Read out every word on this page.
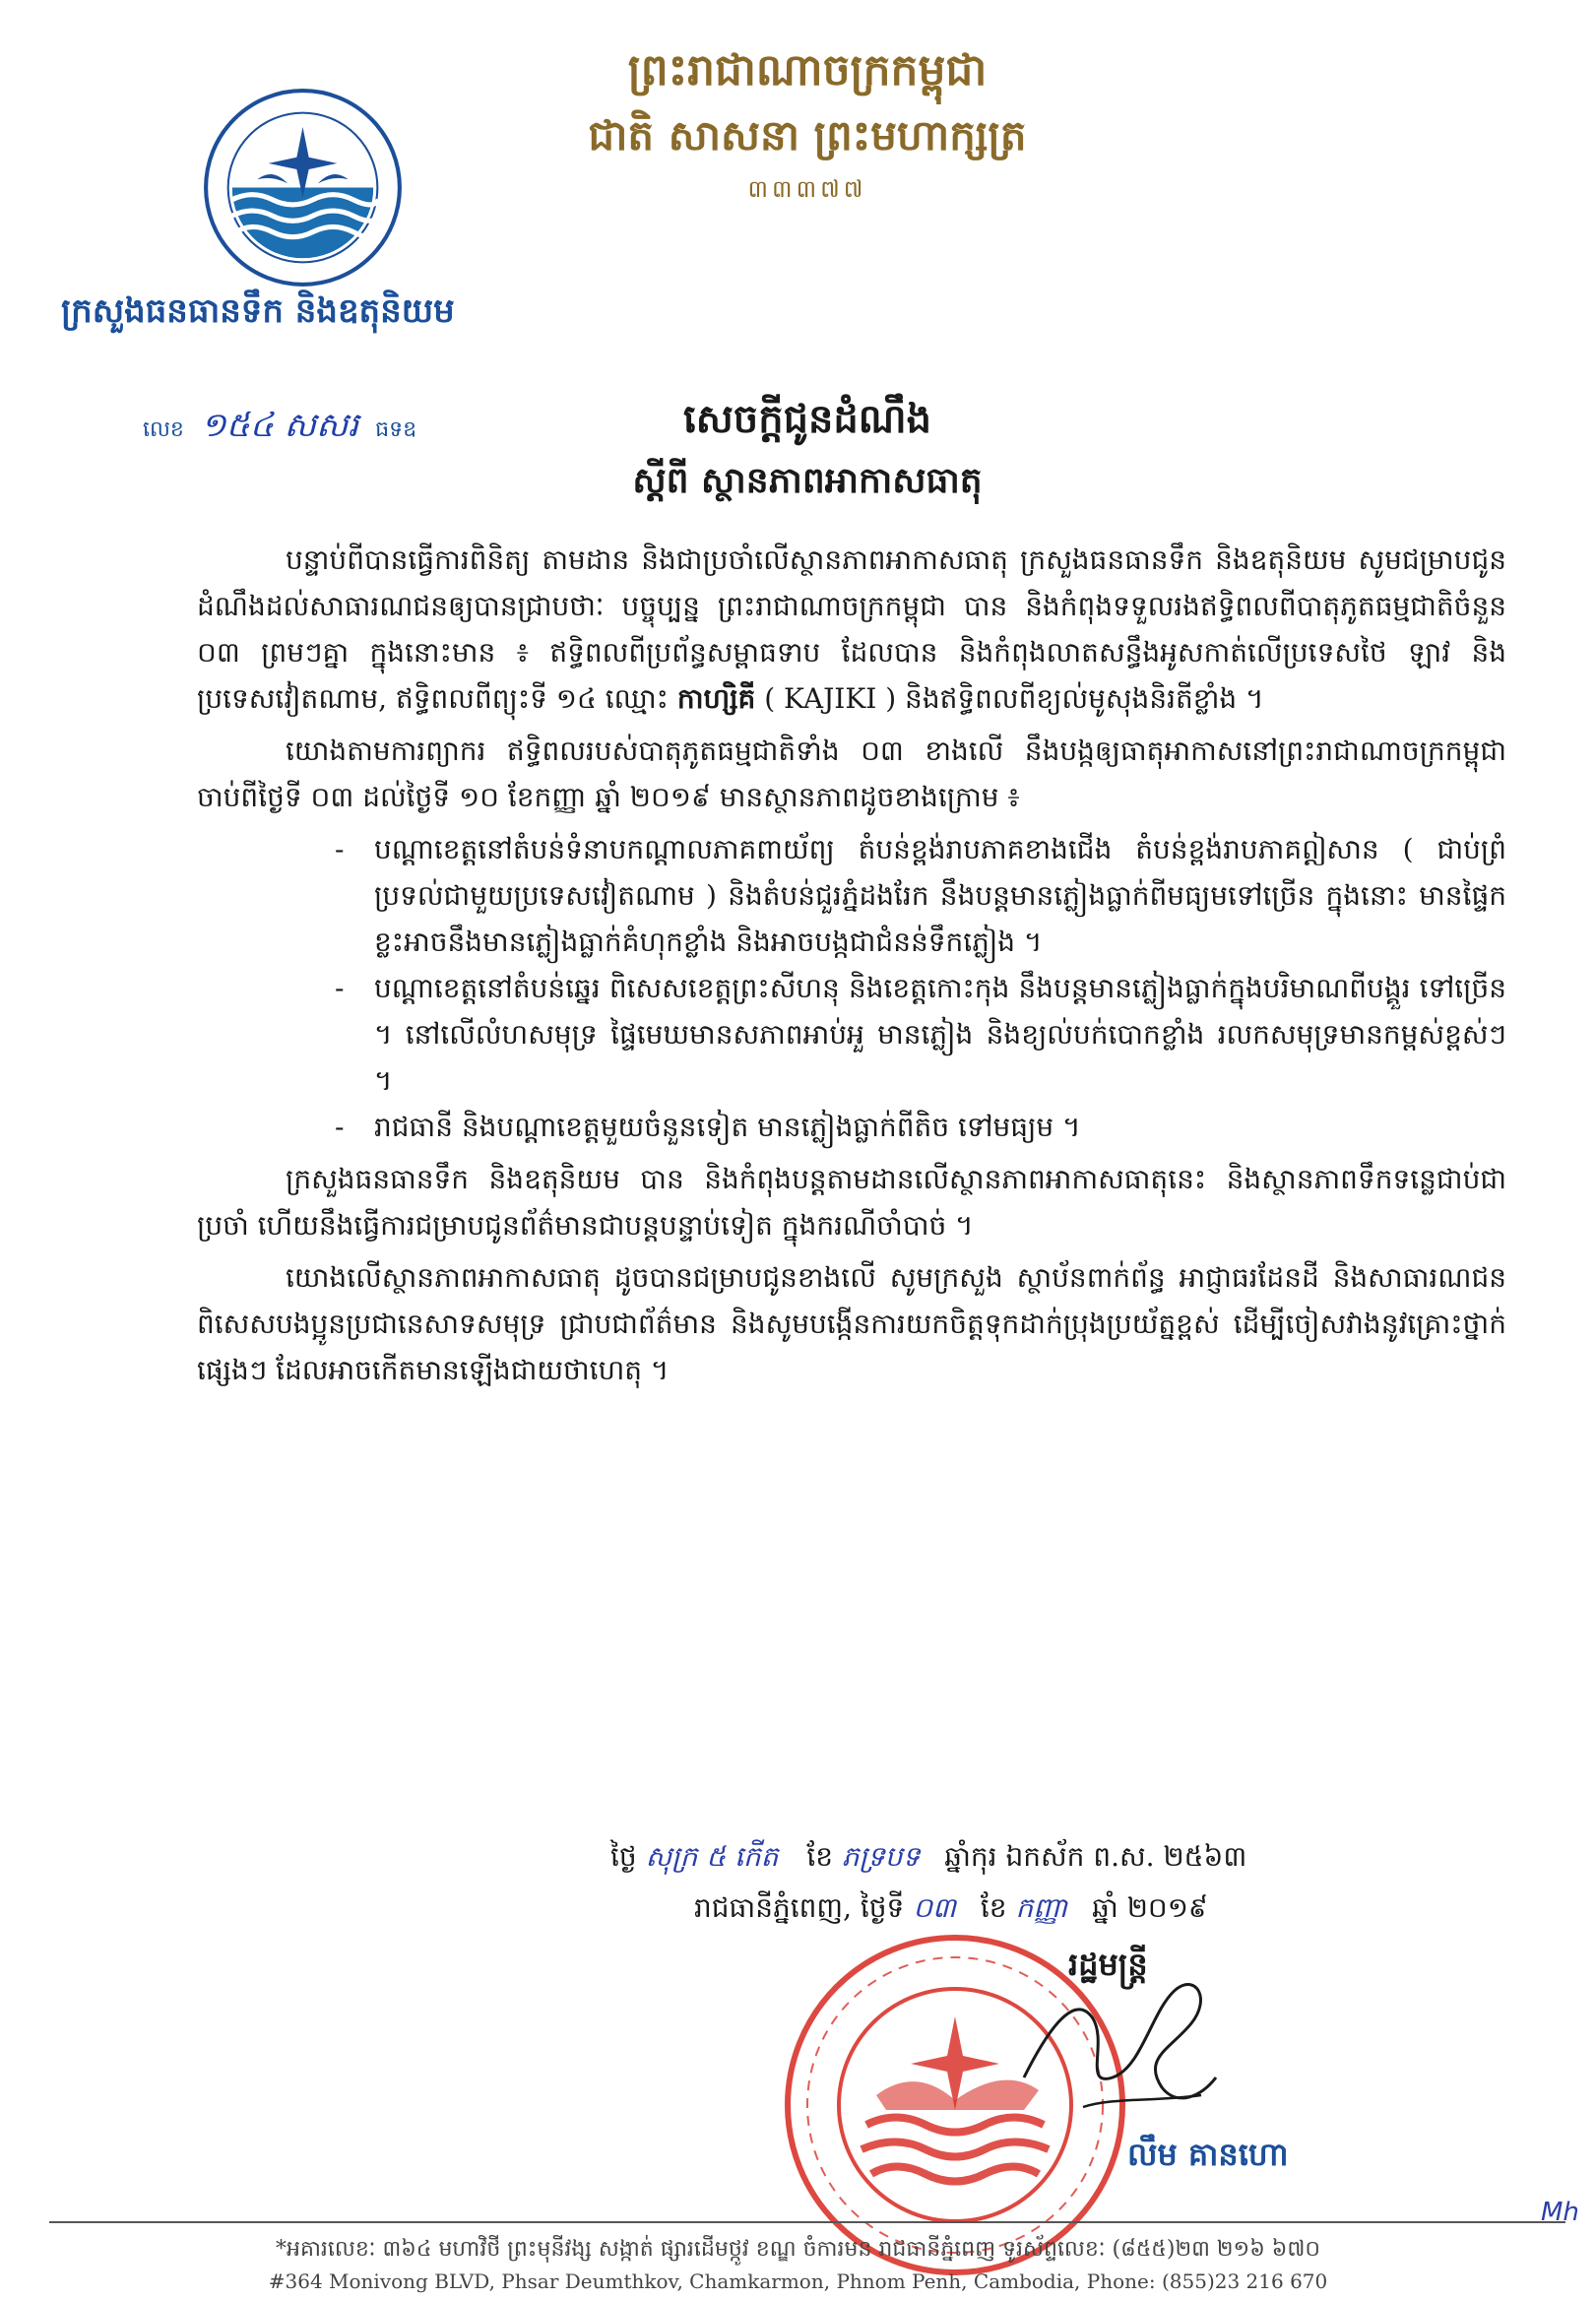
ព្រះរាជាណាចក្រកម្ពុជា
ជាតិ សាសនា ព្រះមហាក្សត្រ
៣៣៣៧៧
ក្រសួងធនធានទឹក និងឧតុនិយម
លេខ ១៥៤ សសរ ធទឧ	សេចក្តីជូនដំណឹង
ស្តីពី ស្ថានភាពអាកាសធាតុ

បន្ទាប់ពីបានធ្វើការពិនិត្យ តាមដាន និងជាប្រចាំលើស្ថានភាពអាកាសធាតុ ក្រសួងធនធានទឹក និងឧតុនិយម សូមជម្រាបជូនដំណឹងដល់សាធារណជនឲ្យបានជ្រាបថាៈ បច្ចុប្បន្ន ព្រះរាជាណាចក្រកម្ពុជា បាន និងកំពុងទទួលរងឥទ្ធិពលពីបាតុភូតធម្មជាតិចំនួន ០៣ ព្រមៗគ្នា ក្នុងនោះមាន ៖ ឥទ្ធិពលពីប្រព័ន្ធសម្ពាធទាប ដែលបាន និងកំពុងលាតសន្ធឹងអូសកាត់លើប្រទេសថៃ ឡាវ និងប្រទេសវៀតណាម, ឥទ្ធិពលពីព្យុះទី ១៤ ឈ្មោះ កាហ្សិគី ( KAJIKI ) និងឥទ្ធិពលពីខ្យល់មូសុងនិរតីខ្លាំង ។

យោងតាមការព្យាករ ឥទ្ធិពលរបស់បាតុភូតធម្មជាតិទាំង ០៣ ខាងលើ នឹងបង្កឲ្យធាតុអាកាសនៅព្រះរាជាណាចក្រកម្ពុជា ចាប់ពីថ្ងៃទី ០៣ ដល់ថ្ងៃទី ១០ ខែកញ្ញា ឆ្នាំ ២០១៩ មានស្ថានភាពដូចខាងក្រោម ៖

- បណ្តាខេត្តនៅតំបន់ទំនាបកណ្តាលភាគពាយ័ព្យ តំបន់ខ្ពង់រាបភាគខាងជើង តំបន់ខ្ពង់រាបភាគឦសាន ( ជាប់ព្រំប្រទល់ជាមួយប្រទេសវៀតណាម ) និងតំបន់ជួរភ្នំដងរែក នឹងបន្តមានភ្លៀងធ្លាក់ពីមធ្យមទៅច្រើន ក្នុងនោះ មានផ្ទៃកខ្លះអាចនឹងមានភ្លៀងធ្លាក់គំហុកខ្លាំង និងអាចបង្កជាជំនន់ទឹកភ្លៀង ។
- បណ្តាខេត្តនៅតំបន់ឆ្នេរ ពិសេសខេត្តព្រះសីហនុ និងខេត្តកោះកុង នឹងបន្តមានភ្លៀងធ្លាក់ក្នុងបរិមាណពីបង្គួរ ទៅច្រើន ។ នៅលើលំហសមុទ្រ ផ្ទៃមេឃមានសភាពអាប់អួ មានភ្លៀង និងខ្យល់បក់បោកខ្លាំង រលកសមុទ្រមានកម្ពស់ខ្ពស់ៗ ។
- រាជធានី និងបណ្តាខេត្តមួយចំនួនទៀត មានភ្លៀងធ្លាក់ពីតិច ទៅមធ្យម ។

ក្រសួងធនធានទឹក និងឧតុនិយម បាន និងកំពុងបន្តតាមដានលើស្ថានភាពអាកាសធាតុនេះ និងស្ថានភាពទឹកទន្លេជាប់ជាប្រចាំ ហើយនឹងធ្វើការជម្រាបជូនព័ត៌មានជាបន្តបន្ទាប់ទៀត ក្នុងករណីចាំបាច់ ។

យោងលើស្ថានភាពអាកាសធាតុ ដូចបានជម្រាបជូនខាងលើ សូមក្រសួង ស្ថាប័នពាក់ព័ន្ធ អាជ្ញាធរដែនដី និងសាធារណជន ពិសេសបងប្អូនប្រជានេសាទសមុទ្រ ជ្រាបជាព័ត៌មាន និងសូមបង្កើនការយកចិត្តទុកដាក់ប្រុងប្រយ័ត្នខ្ពស់ ដើម្បីចៀសវាងនូវគ្រោះថ្នាក់ផ្សេងៗ ដែលអាចកើតមានឡើងជាយថាហេតុ ។

ថ្ងៃ សុក្រ ៥ កើត ខែ ភទ្របទ ឆ្នាំកុរ ឯកស័ក ព.ស. ២៥៦៣
រាជធានីភ្នំពេញ, ថ្ងៃទី ០៣ ខែ កញ្ញា ឆ្នាំ ២០១៩
រដ្ឋមន្ត្រី
លឹម គានហោ
Mh
*អគារលេខៈ ៣៦៤ មហាវិថី ព្រះមុនីវង្ស សង្កាត់ ផ្សារដើមថ្កូវ ខណ្ឌ ចំការមន រាជធានីភ្នំពេញ ទូរស័ព្ទលេខៈ (៨៥៥)២៣ ២១៦ ៦៧០
#364 Monivong BLVD, Phsar Deumthkov, Chamkarmon, Phnom Penh, Cambodia, Phone: (855)23 216 670
